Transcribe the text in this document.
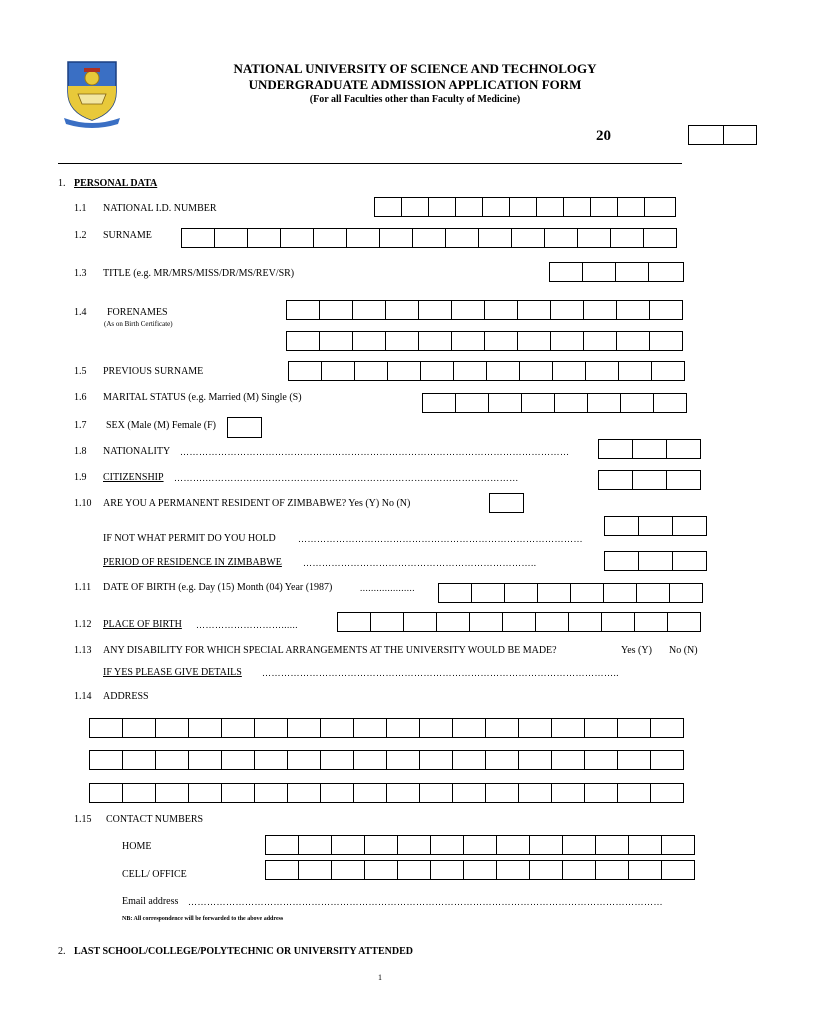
NATIONAL UNIVERSITY OF SCIENCE AND TECHNOLOGY
UNDERGRADUATE ADMISSION APPLICATION FORM
(For all Faculties other than Faculty of Medicine)
20
1. PERSONAL DATA
1.1 NATIONAL I.D. NUMBER
1.2 SURNAME
1.3 TITLE (e.g. MR/MRS/MISS/DR/MS/REV/SR)
1.4 FORENAMES
(As on Birth Certificate)
1.5 PREVIOUS SURNAME
1.6 MARITAL STATUS (e.g. Married (M) Single (S)
1.7 SEX (Male (M) Female (F)
1.8 NATIONALITY ……………………………………………………………………………………………………………
1.9 CITIZENSHIP ……….………………………………………………………………………………………
1.10 ARE YOU A PERMANENT RESIDENT OF ZIMBABWE? Yes (Y) No (N)
IF NOT WHAT PERMIT DO YOU HOLD ………………………………………………………………………………
PERIOD OF RESIDENCE IN ZIMBABWE ………………………………………………………………..
1.11 DATE OF BIRTH (e.g. Day (15) Month (04) Year (1987)	....................
1.12 PLACE OF BIRTH ………………………......
1.13 ANY DISABILITY FOR WHICH SPECIAL ARRANGEMENTS AT THE UNIVERSITY WOULD BE MADE?	Yes (Y) No (N)
IF YES PLEASE GIVE DETAILS …………………………………………………………………………………………………..
1.14 ADDRESS
1.15 CONTACT NUMBERS
HOME
CELL/ OFFICE
Email address ……………………………………………………………………………………………………………………………………
NB: All correspondence will be forwarded to the above address
2. LAST SCHOOL/COLLEGE/POLYTECHNIC OR UNIVERSITY ATTENDED
1
